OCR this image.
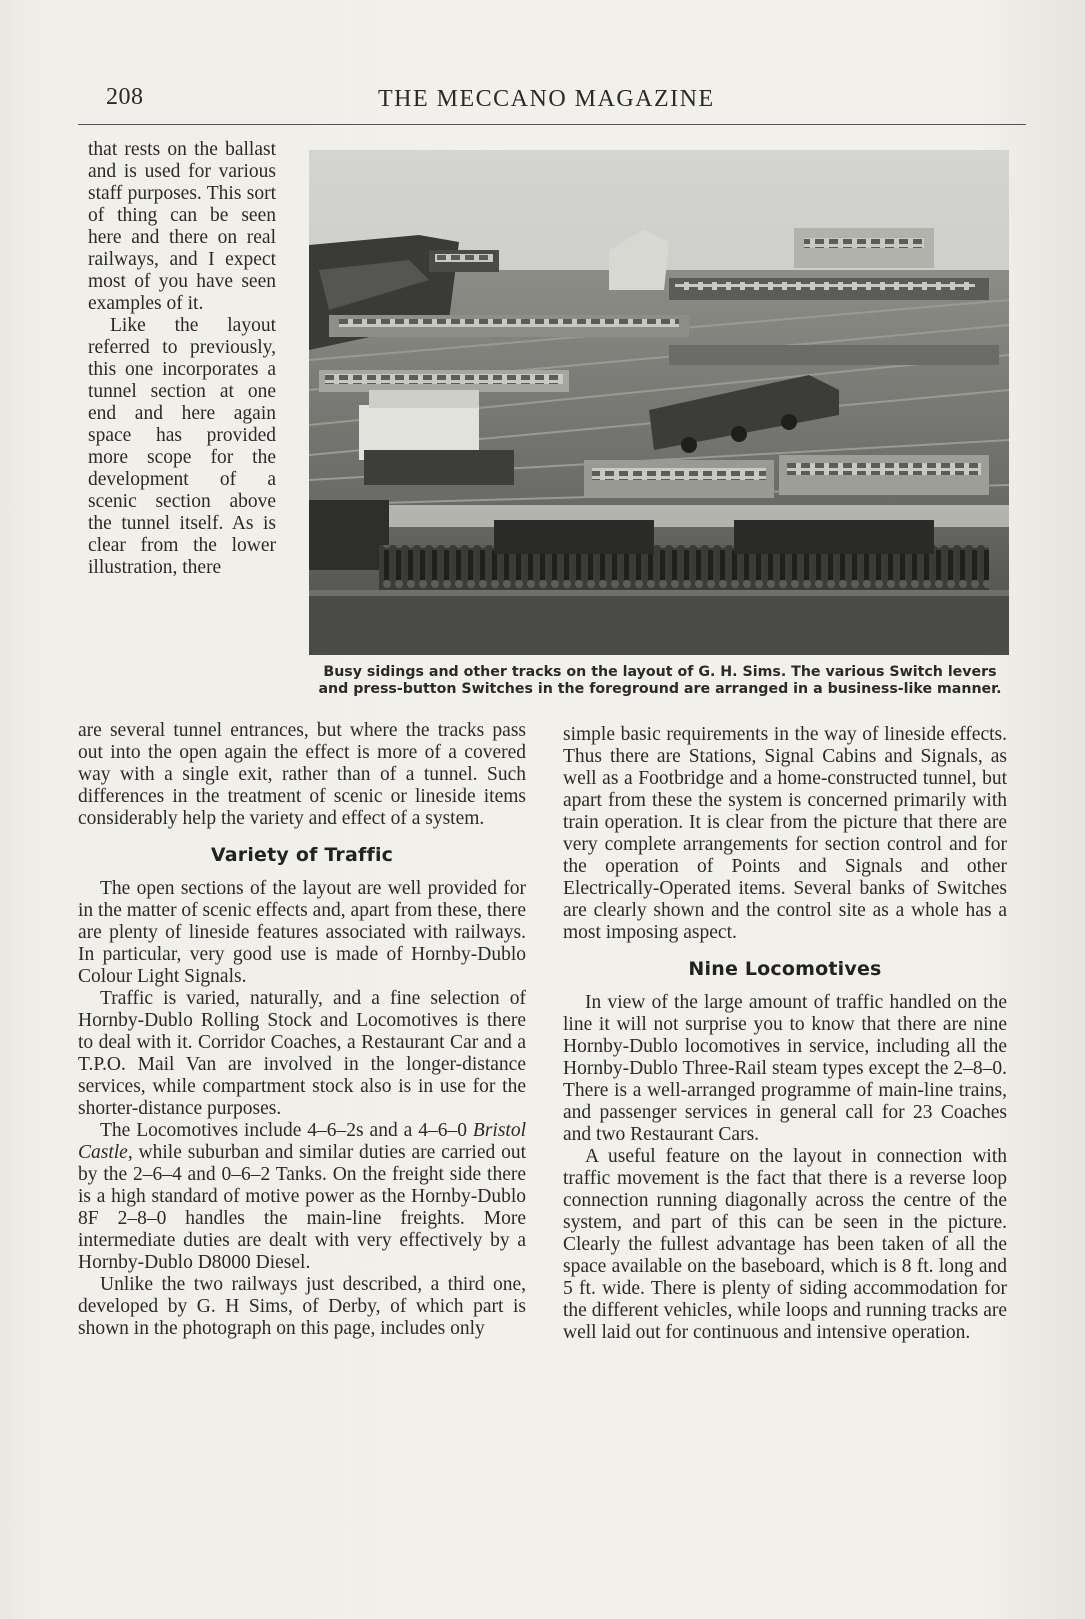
208	THE MECCANO MAGAZINE

that rests on the ballast and is used for various staff purposes. This sort of thing can be seen here and there on real railways, and I expect most of you have seen examples of it.

Like the layout referred to previously, this one incorporates a tunnel section at one end and here again space has provided more scope for the development of a scenic section above the tunnel itself. As is clear from the lower illustration, there

Busy sidings and other tracks on the layout of G. H. Sims. The various Switch levers
and press-button Switches in the foreground are arranged in a business-like manner.

are several tunnel entrances, but where the tracks pass out into the open again the effect is more of a covered way with a single exit, rather than of a tunnel. Such differences in the treatment of scenic or lineside items considerably help the variety and effect of a system.

Variety of Traffic

The open sections of the layout are well provided for in the matter of scenic effects and, apart from these, there are plenty of lineside features associated with railways. In particular, very good use is made of Hornby-Dublo Colour Light Signals.

Traffic is varied, naturally, and a fine selection of Hornby-Dublo Rolling Stock and Locomotives is there to deal with it. Corridor Coaches, a Restaurant Car and a T.P.O. Mail Van are involved in the longer-distance services, while compartment stock also is in use for the shorter-distance purposes.

The Locomotives include 4–6–2s and a 4–6–0 Bristol Castle, while suburban and similar duties are carried out by the 2–6–4 and 0–6–2 Tanks. On the freight side there is a high standard of motive power as the Hornby-Dublo 8F 2–8–0 handles the main-line freights. More intermediate duties are dealt with very effectively by a Hornby-Dublo D8000 Diesel.

Unlike the two railways just described, a third one, developed by G. H Sims, of Derby, of which part is shown in the photograph on this page, includes only

simple basic requirements in the way of lineside effects. Thus there are Stations, Signal Cabins and Signals, as well as a Footbridge and a home-constructed tunnel, but apart from these the system is concerned primarily with train operation. It is clear from the picture that there are very complete arrangements for section control and for the operation of Points and Signals and other Electrically-Operated items. Several banks of Switches are clearly shown and the control site as a whole has a most imposing aspect.

Nine Locomotives

In view of the large amount of traffic handled on the line it will not surprise you to know that there are nine Hornby-Dublo locomotives in service, including all the Hornby-Dublo Three-Rail steam types except the 2–8–0. There is a well-arranged programme of main-line trains, and passenger services in general call for 23 Coaches and two Restaurant Cars.

A useful feature on the layout in connection with traffic movement is the fact that there is a reverse loop connection running diagonally across the centre of the system, and part of this can be seen in the picture. Clearly the fullest advantage has been taken of all the space available on the baseboard, which is 8 ft. long and 5 ft. wide. There is plenty of siding accommodation for the different vehicles, while loops and running tracks are well laid out for continuous and intensive operation.
